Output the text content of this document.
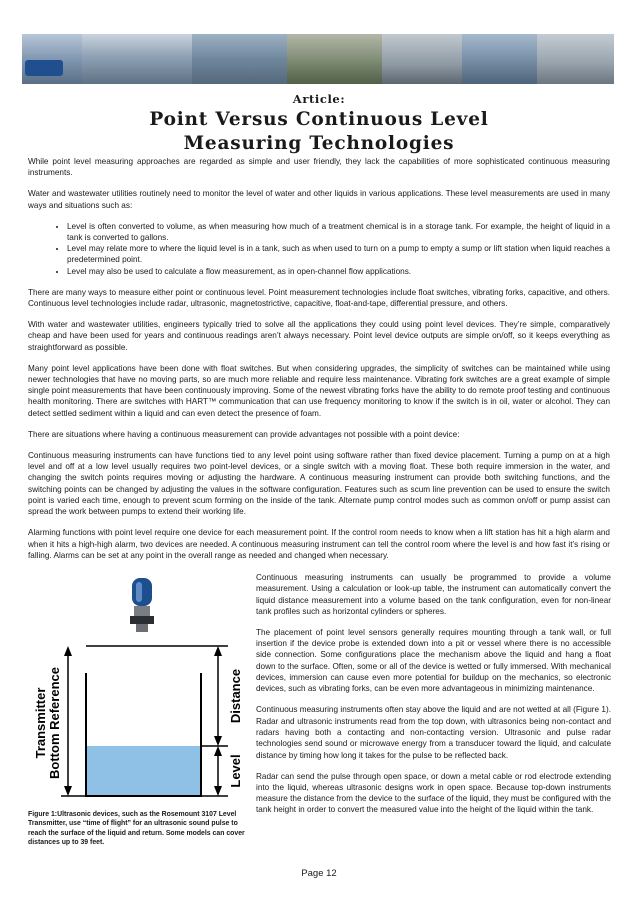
Article:
Point Versus Continuous Level
Measuring Technologies

While point level measuring approaches are regarded as simple and user friendly, they lack the capabilities of more sophisticated continuous measuring instruments.

Water and wastewater utilities routinely need to monitor the level of water and other liquids in various applications. These level measurements are used in many ways and situations such as:

• Level is often converted to volume, as when measuring how much of a treatment chemical is in a storage tank. For example, the height of liquid in a tank is converted to gallons.
• Level may relate more to where the liquid level is in a tank, such as when used to turn on a pump to empty a sump or lift station when liquid reaches a predetermined point.
• Level may also be used to calculate a flow measurement, as in open-channel flow applications.

There are many ways to measure either point or continuous level. Point measurement technologies include float switches, vibrating forks, capacitive, and others. Continuous level technologies include radar, ultrasonic, magnetostrictive, capacitive, float-and-tape, differential pressure, and others.

With water and wastewater utilities, engineers typically tried to solve all the applications they could using point level devices. They’re simple, comparatively cheap and have been used for years and continuous readings aren’t always necessary. Point level device outputs are simple on/off, so it keeps everything as straightforward as possible.

Many point level applications have been done with float switches. But when considering upgrades, the simplicity of switches can be maintained while using newer technologies that have no moving parts, so are much more reliable and require less maintenance. Vibrating fork switches are a great example of simple single point measurements that have been continuously improving. Some of the newest vibrating forks have the ability to do remote proof testing and continuous health monitoring. There are switches with HART™ communication that can use frequency monitoring to know if the switch is in oil, water or alcohol. They can detect settled sediment within a liquid and can even detect the presence of foam.

There are situations where having a continuous measurement can provide advantages not possible with a point device:

Continuous measuring instruments can have functions tied to any level point using software rather than fixed device placement. Turning a pump on at a high level and off at a low level usually requires two point-level devices, or a single switch with a moving float. These both require immersion in the water, and changing the switch points requires moving or adjusting the hardware. A continuous measuring instrument can provide both switching functions, and the switching points can be changed by adjusting the values in the software configuration. Features such as scum line prevention can be used to ensure the switch point is varied each time, enough to prevent scum forming on the inside of the tank. Alternate pump control modes such as common on/off or pump assist can spread the work between pumps to extend their working life.

Alarming functions with point level require one device for each measurement point. If the control room needs to know when a lift station has hit a high alarm and when it hits a high-high alarm, two devices are needed. A continuous measuring instrument can tell the control room where the level is and how fast it’s rising or falling. Alarms can be set at any point in the overall range as needed and changed when necessary.

Transmitter Bottom Reference	Distance
Level
Figure 1:Ultrasonic devices, such as the Rosemount 3107 Level Transmitter, use “time of flight” for an ultrasonic sound pulse to reach the surface of the liquid and return. Some models can cover distances up to 39 feet.

Continuous measuring instruments can usually be programmed to provide a volume measurement. Using a calculation or look-up table, the instrument can automatically convert the liquid distance measurement into a volume based on the tank configuration, even for non-linear tank profiles such as horizontal cylinders or spheres.

The placement of point level sensors generally requires mounting through a tank wall, or full insertion if the device probe is extended down into a pit or vessel where there is no accessible side connection. Some configurations place the mechanism above the liquid and hang a float down to the surface. Often, some or all of the device is wetted or fully immersed. With mechanical devices, immersion can cause even more potential for buildup on the mechanics, so electronic devices, such as vibrating forks, can be even more advantageous in minimizing maintenance.

Continuous measuring instruments often stay above the liquid and are not wetted at all (Figure 1). Radar and ultrasonic instruments read from the top down, with ultrasonics being non-contact and radars having both a contacting and non-contacting version. Ultrasonic and pulse radar technologies send sound or microwave energy from a transducer toward the liquid, and calculate distance by timing how long it takes for the pulse to be reflected back.

Radar can send the pulse through open space, or down a metal cable or rod electrode extending into the liquid, whereas ultrasonic designs work in open space. Because top-down instruments measure the distance from the device to the surface of the liquid, they must be configured with the tank height in order to convert the measured value into the height of the liquid within the tank.

Page 12
